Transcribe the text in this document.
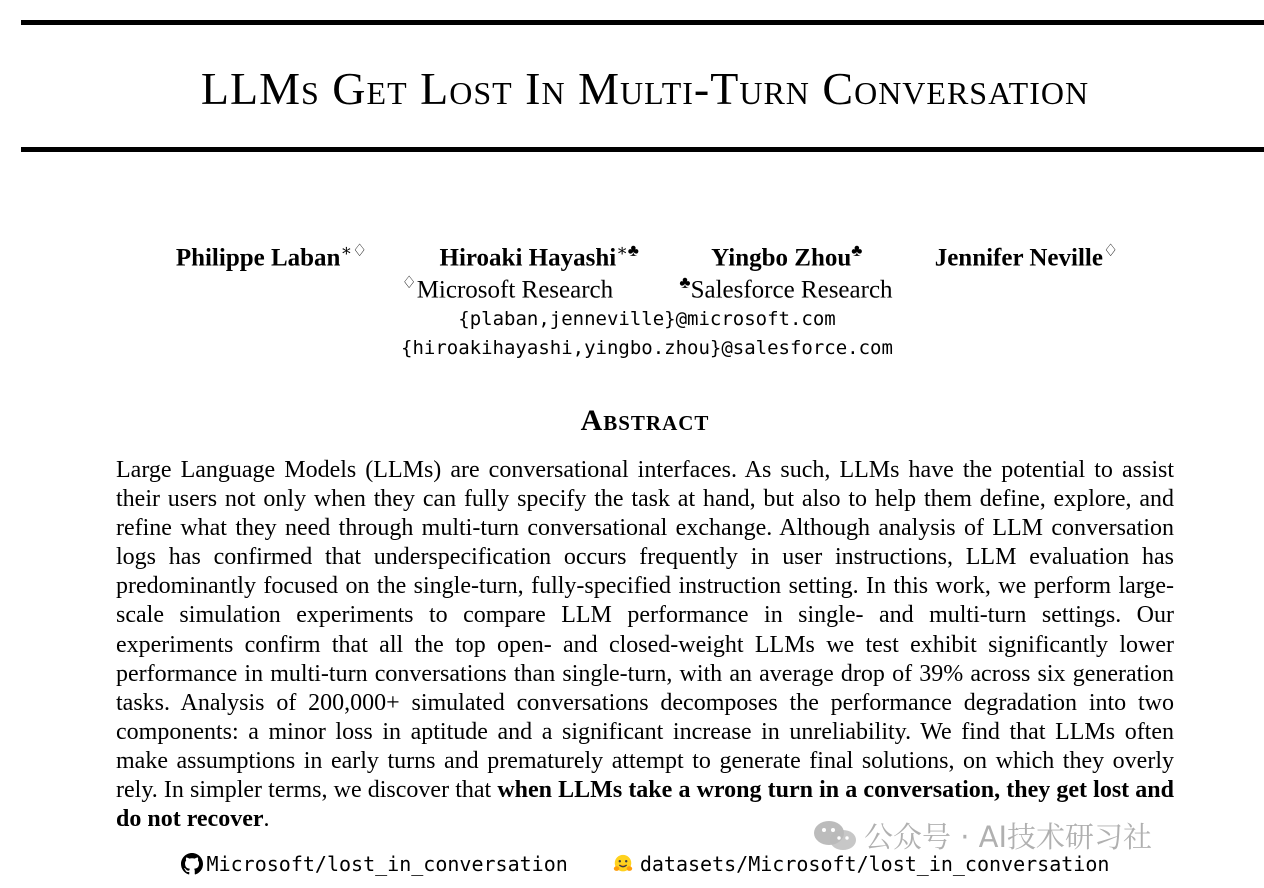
LLMs Get Lost In Multi-Turn Conversation
Philippe Laban∗♢	Hiroaki Hayashi∗♣	Yingbo Zhou♣	Jennifer Neville♢
♢Microsoft Research	♣Salesforce Research
{plaban,jenneville}@microsoft.com
{hiroakihayashi,yingbo.zhou}@salesforce.com
Abstract

Large Language Models (LLMs) are conversational interfaces. As such, LLMs have the potential to assist their users not only when they can fully specify the task at hand, but also to help them define, explore, and refine what they need through multi-turn conversational exchange. Although analysis of LLM conversation logs has confirmed that underspecification occurs frequently in user instructions, LLM evaluation has predominantly focused on the single-turn, fully-specified instruction setting. In this work, we perform large-scale simulation experiments to compare LLM performance in single- and multi-turn settings. Our experiments confirm that all the top open- and closed-weight LLMs we test exhibit significantly lower performance in multi-turn conversations than single-turn, with an average drop of 39% across six generation tasks. Analysis of 200,000+ simulated conversations decomposes the performance degradation into two components: a minor loss in aptitude and a significant increase in unreliability. We find that LLMs often make assumptions in early turns and prematurely attempt to generate final solutions, on which they overly rely. In simpler terms, we discover that when LLMs take a wrong turn in a conversation, they get lost and do not recover.

Microsoft/lost_in_conversation	datasets/Microsoft/lost_in_conversation
公众号 · AI技术研习社
